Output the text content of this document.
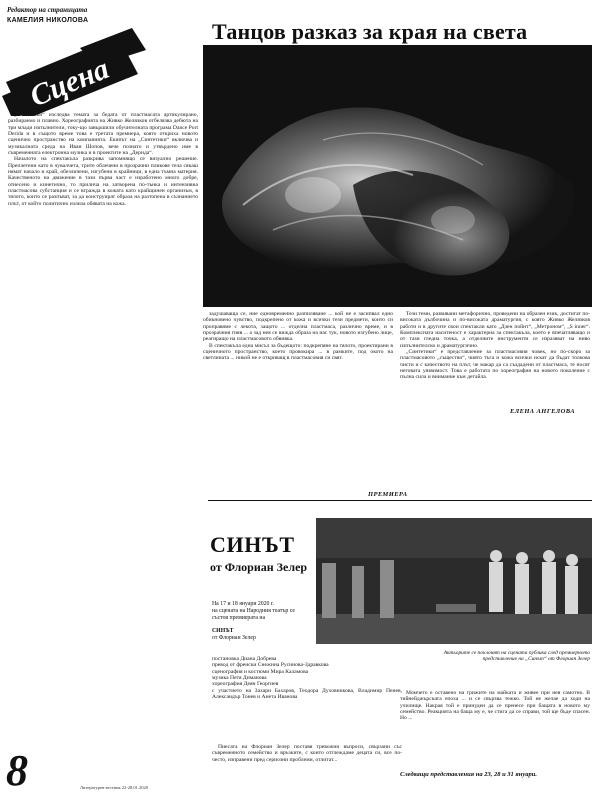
Редактор на страницата
КАМЕЛИЯ НИКОЛОВА
Сцена
Танцов разказ за края на света

„Синтетики“ изследва темата за бедата от пластмасата артикулирано, разбираемо и плавно. Хореографията на Живко Желязков отбелязва дебюта на три млади изпълнители, току-що завършили обучителната програма Dance Port Derida и в същото време това е третата премиера, която откриха новото сценично пространство на компанията. Екипът на „Синтетики“ включва и музикалната среда на Иван Шопов, вече познато и утвърдено име в съвременната електронна музика и в проектите на „Дерида“.

Началото на спектакъла разкрива запомнящо се визуално решение. Преплетени като в чувалчета, трите облечени в прозрачни пликове тела сякаш нямат начало и край, обезличени, изгубени в крайници, в една тъмна материя. Качественото на движение в тази първа част е изработено много добре, отнесено и кинетично, то прилича на затворена по-тънка и интензивна пластмасова субстанция и се вгражда в кожата като крайщинен организъм, в тялото, които се разпъват, за да конструират образа на разтопена в съзнанието плът, от който политично излиза обявата на кожа.

задушаваща се, ние едновременно разпиляване ... кой не е засипвал едно обикновено чувство, подкрепено от кожа и всички тези предмети, които си проправяме с лекота, защото ... отделна пластмаса, различно време, и в прозрачния гняв ... а зад нея се вижда образа на нас тук, новото изгубено лице, реагиращо на пластмасовото обвивка.

В спектакъла една мисъл за бъдещото: подкрепяне на тялото, проектирани в сценичното пространство, което провокира ... в рамките, под окото на светлината ... никой не е откриващ в пластмасовия си свят.

Тези теми, развивани метафорично, проведени на образен език, достигат по-високата дълбочина и по-високата драматургия, с която Живко Желязков работи и в другите свои спектакли като „Дзен пойнт“, „Метроном“, „S inner“. Комплексната наситеност е характерна за спектакъла, което е впечатляващо и от тази гледна точка, а отделните инструменти се изразяват на ниво изпълнителско и драматургично.

„Синтетики“ е представление за пластмасовия човек, но по-скоро за пластмасовото „същество“, чиято тъга и кожа всички искат да бъдат толкова чисти и с качеството на плът, че макар да са създадени от пластмаса, те носят неговата уязвимост. Това е работата по хореография на новото поколение с пълна сила и внимание към детайла.

ЕЛЕНА АНГЕЛОВА
ПРЕМИЕРА
СИНЪТ
от Флориан Зелер
На 17 и 18 януари 2020 г.
на сцената на Народния театър се състоя премиерата на
СИНЪТ
от Флориан Зелер
Актьорите се поклонят на сцената публика след премиерното представление на „Синът“ от Флориан Зелер
постановка Диана Добрева
превод от френски Снежина Русинова-Здравкова
сценография и костюми Мира Каламова
музика Петя Диманова
хореография Деян Георгиев
с участието на Захари Бахаров, Теодора Духовникова, Владимир Пенев, Александър Тонев и Анета Иванова

Пиесата на Флориан Зелер поставя тревожни въпроси, свързани със съвременното семейство и връзките, с които отглеждаме децата си, все по-често, изправени пред сериозни проблеми, отлитат...

Момчето е оставено на грижите на майката и живее при нея самотно. В тийнейджърската епоха ... и се свързва тежко. Той не желае да ходи на училище. Накрая той е принуден да се пренесе при бащата в новото му семейство. Реакцията на баща му е, че стига да се справи, той ще бъде спасен. Но ...

Следващи представления на 23, 28 и 31 януари.
8	Литературен вестник 22-28.01.2020
